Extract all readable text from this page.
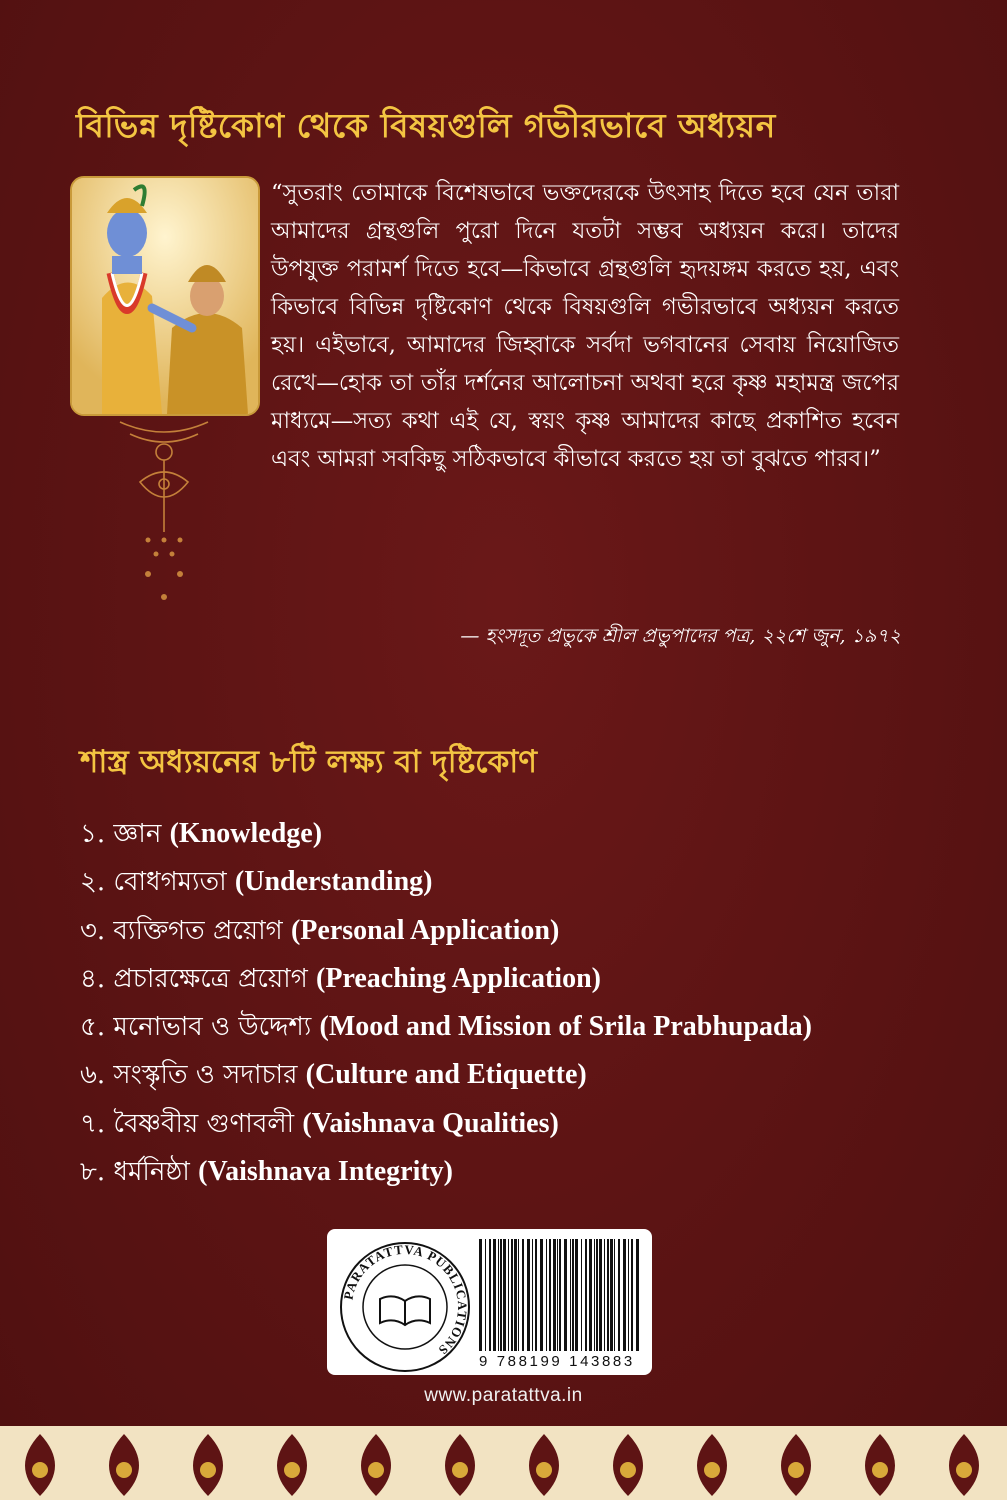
বিভিন্ন দৃষ্টিকোণ থেকে বিষয়গুলি গভীরভাবে অধ্যয়ন
“সুতরাং তোমাকে বিশেষভাবে ভক্তদেরকে উৎসাহ দিতে হবে যেন তারা আমাদের গ্রন্থগুলি পুরো দিনে যতটা সম্ভব অধ্যয়ন করে। তাদের উপযুক্ত পরামর্শ দিতে হবে—কিভাবে গ্রন্থগুলি হৃদয়ঙ্গম করতে হয়, এবং কিভাবে বিভিন্ন দৃষ্টিকোণ থেকে বিষয়গুলি গভীরভাবে অধ্যয়ন করতে হয়। এইভাবে, আমাদের জিহ্বাকে সর্বদা ভগবানের সেবায় নিয়োজিত রেখে—হোক তা তাঁর দর্শনের আলোচনা অথবা হরে কৃষ্ণ মহামন্ত্র জপের মাধ্যমে—সত্য কথা এই যে, স্বয়ং কৃষ্ণ আমাদের কাছে প্রকাশিত হবেন এবং আমরা সবকিছু সঠিকভাবে কীভাবে করতে হয় তা বুঝতে পারব।”
— হংসদূত প্রভুকে শ্রীল প্রভুপাদের পত্র, ২২শে জুন, ১৯৭২
শাস্ত্র অধ্যয়নের ৮টি লক্ষ্য বা দৃষ্টিকোণ
১. জ্ঞান (Knowledge)
২. বোধগম্যতা (Understanding)
৩. ব্যক্তিগত প্রয়োগ (Personal Application)
৪. প্রচারক্ষেত্রে প্রয়োগ (Preaching Application)
৫. মনোভাব ও উদ্দেশ্য (Mood and Mission of Srila Prabhupada)
৬. সংস্কৃতি ও সদাচার (Culture and Etiquette)
৭. বৈষ্ণবীয় গুণাবলী (Vaishnava Qualities)
৮. ধর্মনিষ্ঠা (Vaishnava Integrity)
PARATATTVA PUBLICATIONS
9 788199 143883
www.paratattva.in
